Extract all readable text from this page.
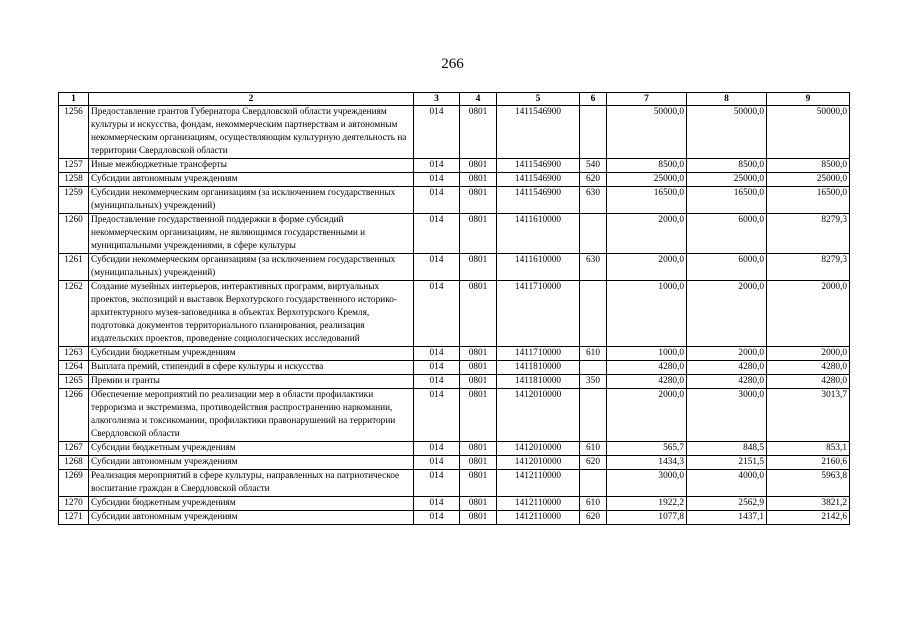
266
1	2	3	4	5	6	7	8	9
1256	Предоставление грантов Губернатора Свердловской области учреждениям культуры и искусства, фондам, некоммерческим партнерствам и автономным некоммерческим организациям, осуществляющим культурную деятельность на территории Свердловской области	014	0801	1411546900		50000,0	50000,0	50000,0
1257	Иные межбюджетные трансферты	014	0801	1411546900	540	8500,0	8500,0	8500,0
1258	Субсидии автономным учреждениям	014	0801	1411546900	620	25000,0	25000,0	25000,0
1259	Субсидии некоммерческим организациям (за исключением государственных (муниципальных) учреждений)	014	0801	1411546900	630	16500,0	16500,0	16500,0
1260	Предоставление государственной поддержки в форме субсидий некоммерческим организациям, не являющимся государственными и муниципальными учреждениями, в сфере культуры	014	0801	1411610000		2000,0	6000,0	8279,3
1261	Субсидии некоммерческим организациям (за исключением государственных (муниципальных) учреждений)	014	0801	1411610000	630	2000,0	6000,0	8279,3
1262	Создание музейных интерьеров, интерактивных программ, виртуальных проектов, экспозиций и выставок Верхотурского государственного историко-архитектурного музея-заповедника в объектах Верхотурского Кремля, подготовка документов территориального планирования, реализация издательских проектов, проведение социологических исследований	014	0801	1411710000		1000,0	2000,0	2000,0
1263	Субсидии бюджетным учреждениям	014	0801	1411710000	610	1000,0	2000,0	2000,0
1264	Выплата премий, стипендий в сфере культуры и искусства	014	0801	1411810000		4280,0	4280,0	4280,0
1265	Премии и гранты	014	0801	1411810000	350	4280,0	4280,0	4280,0
1266	Обеспечение мероприятий по реализации мер в области профилактики терроризма и экстремизма, противодействия распространению наркомании, алкоголизма и токсикомании, профилактики правонарушений на территории Свердловской области	014	0801	1412010000		2000,0	3000,0	3013,7
1267	Субсидии бюджетным учреждениям	014	0801	1412010000	610	565,7	848,5	853,1
1268	Субсидии автономным учреждениям	014	0801	1412010000	620	1434,3	2151,5	2160,6
1269	Реализация мероприятий в сфере культуры, направленных на патриотическое воспитание граждан в Свердловской области	014	0801	1412110000		3000,0	4000,0	5963,8
1270	Субсидии бюджетным учреждениям	014	0801	1412110000	610	1922,2	2562,9	3821,2
1271	Субсидии автономным учреждениям	014	0801	1412110000	620	1077,8	1437,1	2142,6
